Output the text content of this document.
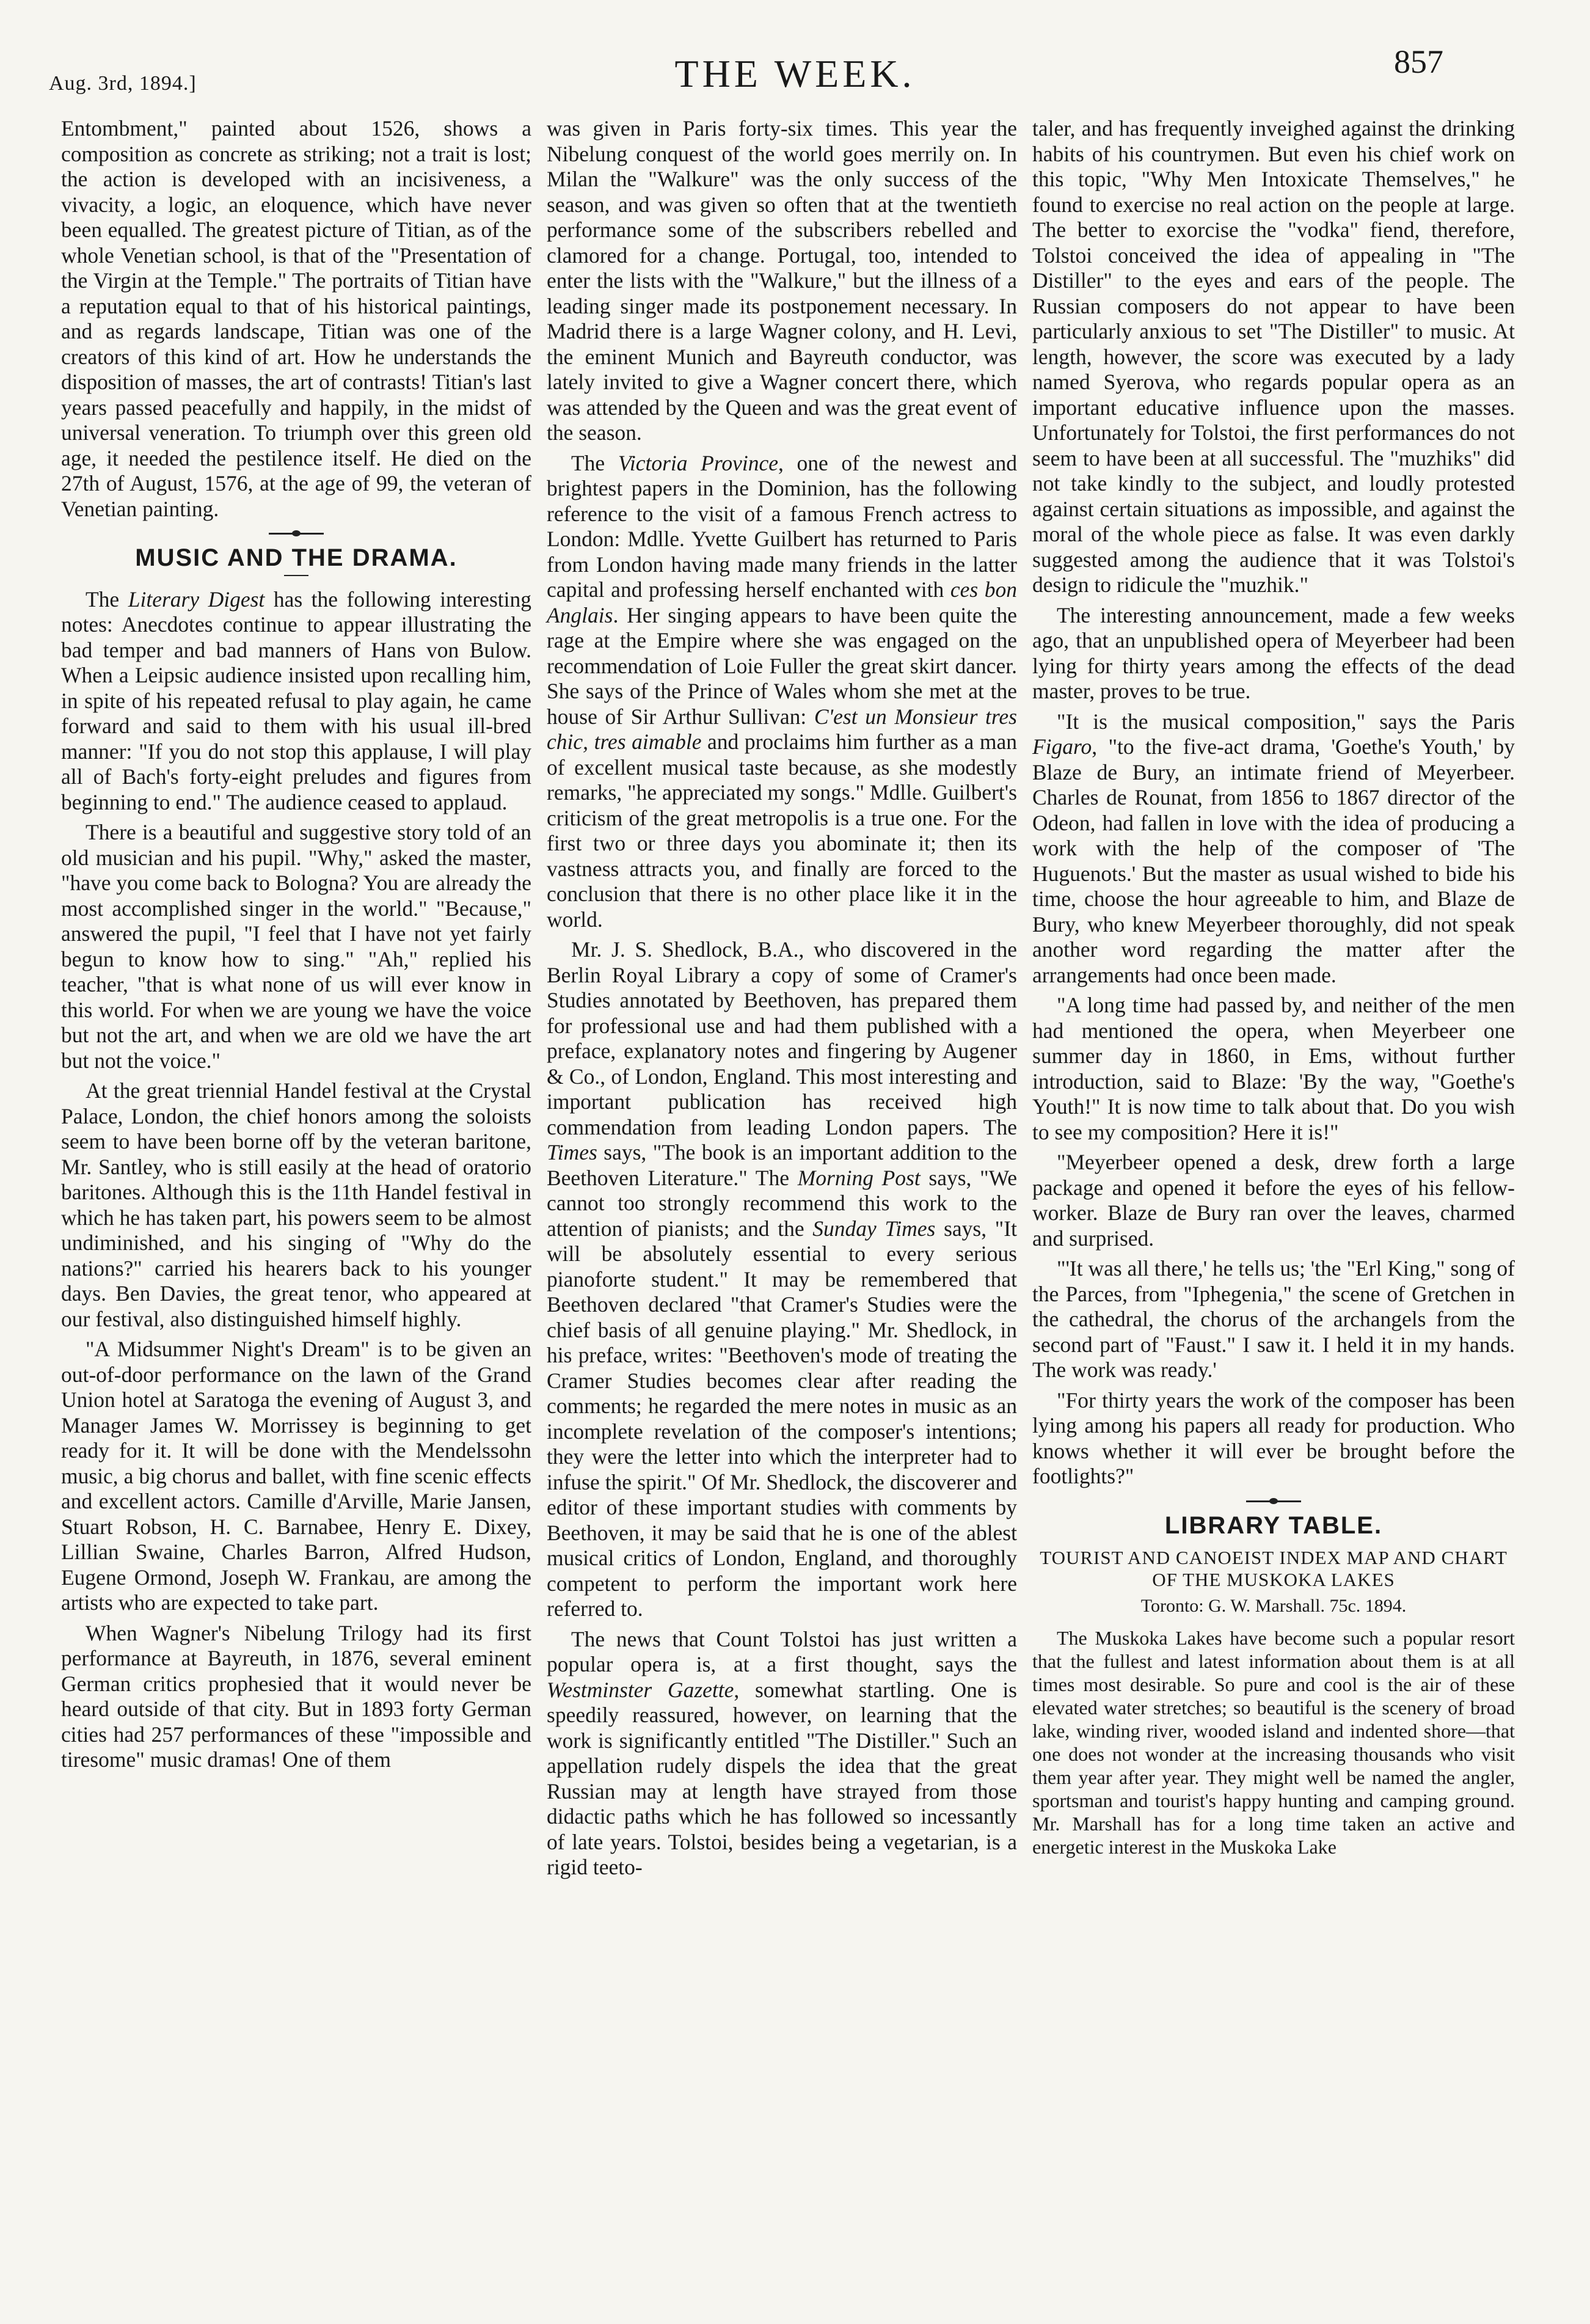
Aug. 3rd, 1894.]	THE WEEK.	857

Entombment," painted about 1526, shows a composition as concrete as striking; not a trait is lost; the action is developed with an incisiveness, a vivacity, a logic, an eloquence, which have never been equalled. The greatest picture of Titian, as of the whole Venetian school, is that of the "Presentation of the Virgin at the Temple." The portraits of Titian have a reputation equal to that of his historical paintings, and as regards landscape, Titian was one of the creators of this kind of art. How he understands the disposition of masses, the art of contrasts! Titian's last years passed peacefully and happily, in the midst of universal veneration. To triumph over this green old age, it needed the pestilence itself. He died on the 27th of August, 1576, at the age of 99, the veteran of Venetian painting.

MUSIC AND THE DRAMA.

The Literary Digest has the following interesting notes: Anecdotes continue to appear illustrating the bad temper and bad manners of Hans von Bulow. When a Leipsic audience insisted upon recalling him, in spite of his repeated refusal to play again, he came forward and said to them with his usual ill-bred manner: "If you do not stop this applause, I will play all of Bach's forty-eight preludes and figures from beginning to end." The audience ceased to applaud.

There is a beautiful and suggestive story told of an old musician and his pupil. "Why," asked the master, "have you come back to Bologna? You are already the most accomplished singer in the world." "Because," answered the pupil, "I feel that I have not yet fairly begun to know how to sing." "Ah," replied his teacher, "that is what none of us will ever know in this world. For when we are young we have the voice but not the art, and when we are old we have the art but not the voice."

At the great triennial Handel festival at the Crystal Palace, London, the chief honors among the soloists seem to have been borne off by the veteran baritone, Mr. Santley, who is still easily at the head of oratorio baritones. Although this is the 11th Handel festival in which he has taken part, his powers seem to be almost undiminished, and his singing of "Why do the nations?" carried his hearers back to his younger days. Ben Davies, the great tenor, who appeared at our festival, also distinguished himself highly.

"A Midsummer Night's Dream" is to be given an out-of-door performance on the lawn of the Grand Union hotel at Saratoga the evening of August 3, and Manager James W. Morrissey is beginning to get ready for it. It will be done with the Mendelssohn music, a big chorus and ballet, with fine scenic effects and excellent actors. Camille d'Arville, Marie Jansen, Stuart Robson, H. C. Barnabee, Henry E. Dixey, Lillian Swaine, Charles Barron, Alfred Hudson, Eugene Ormond, Joseph W. Frankau, are among the artists who are expected to take part.

When Wagner's Nibelung Trilogy had its first performance at Bayreuth, in 1876, several eminent German critics prophesied that it would never be heard outside of that city. But in 1893 forty German cities had 257 performances of these "impossible and tiresome" music dramas! One of them

was given in Paris forty-six times. This year the Nibelung conquest of the world goes merrily on. In Milan the "Walkure" was the only success of the season, and was given so often that at the twentieth performance some of the subscribers rebelled and clamored for a change. Portugal, too, intended to enter the lists with the "Walkure," but the illness of a leading singer made its postponement necessary. In Madrid there is a large Wagner colony, and H. Levi, the eminent Munich and Bayreuth conductor, was lately invited to give a Wagner concert there, which was attended by the Queen and was the great event of the season.

The Victoria Province, one of the newest and brightest papers in the Dominion, has the following reference to the visit of a famous French actress to London: Mdlle. Yvette Guilbert has returned to Paris from London having made many friends in the latter capital and professing herself enchanted with ces bon Anglais. Her singing appears to have been quite the rage at the Empire where she was engaged on the recommendation of Loie Fuller the great skirt dancer. She says of the Prince of Wales whom she met at the house of Sir Arthur Sullivan: C'est un Monsieur tres chic, tres aimable and proclaims him further as a man of excellent musical taste because, as she modestly remarks, "he appreciated my songs." Mdlle. Guilbert's criticism of the great metropolis is a true one. For the first two or three days you abominate it; then its vastness attracts you, and finally are forced to the conclusion that there is no other place like it in the world.

Mr. J. S. Shedlock, B.A., who discovered in the Berlin Royal Library a copy of some of Cramer's Studies annotated by Beethoven, has prepared them for professional use and had them published with a preface, explanatory notes and fingering by Augener & Co., of London, England. This most interesting and important publication has received high commendation from leading London papers. The Times says, "The book is an important addition to the Beethoven Literature." The Morning Post says, "We cannot too strongly recommend this work to the attention of pianists; and the Sunday Times says, "It will be absolutely essential to every serious pianoforte student." It may be remembered that Beethoven declared "that Cramer's Studies were the chief basis of all genuine playing." Mr. Shedlock, in his preface, writes: "Beethoven's mode of treating the Cramer Studies becomes clear after reading the comments; he regarded the mere notes in music as an incomplete revelation of the composer's intentions; they were the letter into which the interpreter had to infuse the spirit." Of Mr. Shedlock, the discoverer and editor of these important studies with comments by Beethoven, it may be said that he is one of the ablest musical critics of London, England, and thoroughly competent to perform the important work here referred to.

The news that Count Tolstoi has just written a popular opera is, at a first thought, says the Westminster Gazette, somewhat startling. One is speedily reassured, however, on learning that the work is significantly entitled "The Distiller." Such an appellation rudely dispels the idea that the great Russian may at length have strayed from those didactic paths which he has followed so incessantly of late years. Tolstoi, besides being a vegetarian, is a rigid teeto-

taler, and has frequently inveighed against the drinking habits of his countrymen. But even his chief work on this topic, "Why Men Intoxicate Themselves," he found to exercise no real action on the people at large. The better to exorcise the "vodka" fiend, therefore, Tolstoi conceived the idea of appealing in "The Distiller" to the eyes and ears of the people. The Russian composers do not appear to have been particularly anxious to set "The Distiller" to music. At length, however, the score was executed by a lady named Syerova, who regards popular opera as an important educative influence upon the masses. Unfortunately for Tolstoi, the first performances do not seem to have been at all successful. The "muzhiks" did not take kindly to the subject, and loudly protested against certain situations as impossible, and against the moral of the whole piece as false. It was even darkly suggested among the audience that it was Tolstoi's design to ridicule the "muzhik."

The interesting announcement, made a few weeks ago, that an unpublished opera of Meyerbeer had been lying for thirty years among the effects of the dead master, proves to be true.

"It is the musical composition," says the Paris Figaro, "to the five-act drama, 'Goethe's Youth,' by Blaze de Bury, an intimate friend of Meyerbeer. Charles de Rounat, from 1856 to 1867 director of the Odeon, had fallen in love with the idea of producing a work with the help of the composer of 'The Huguenots.' But the master as usual wished to bide his time, choose the hour agreeable to him, and Blaze de Bury, who knew Meyerbeer thoroughly, did not speak another word regarding the matter after the arrangements had once been made.

"A long time had passed by, and neither of the men had mentioned the opera, when Meyerbeer one summer day in 1860, in Ems, without further introduction, said to Blaze: 'By the way, "Goethe's Youth!" It is now time to talk about that. Do you wish to see my composition? Here it is!"

"Meyerbeer opened a desk, drew forth a large package and opened it before the eyes of his fellow-worker. Blaze de Bury ran over the leaves, charmed and surprised.

"'It was all there,' he tells us; 'the "Erl King," song of the Parces, from "Iphegenia," the scene of Gretchen in the cathedral, the chorus of the archangels from the second part of "Faust." I saw it. I held it in my hands. The work was ready.'

"For thirty years the work of the composer has been lying among his papers all ready for production. Who knows whether it will ever be brought before the footlights?"

LIBRARY TABLE.
TOURIST AND CANOEIST INDEX MAP AND CHART OF THE MUSKOKA LAKES
Toronto: G. W. Marshall. 75c. 1894.

The Muskoka Lakes have become such a popular resort that the fullest and latest information about them is at all times most desirable. So pure and cool is the air of these elevated water stretches; so beautiful is the scenery of broad lake, winding river, wooded island and indented shore—that one does not wonder at the increasing thousands who visit them year after year. They might well be named the angler, sportsman and tourist's happy hunting and camping ground. Mr. Marshall has for a long time taken an active and energetic interest in the Muskoka Lake
